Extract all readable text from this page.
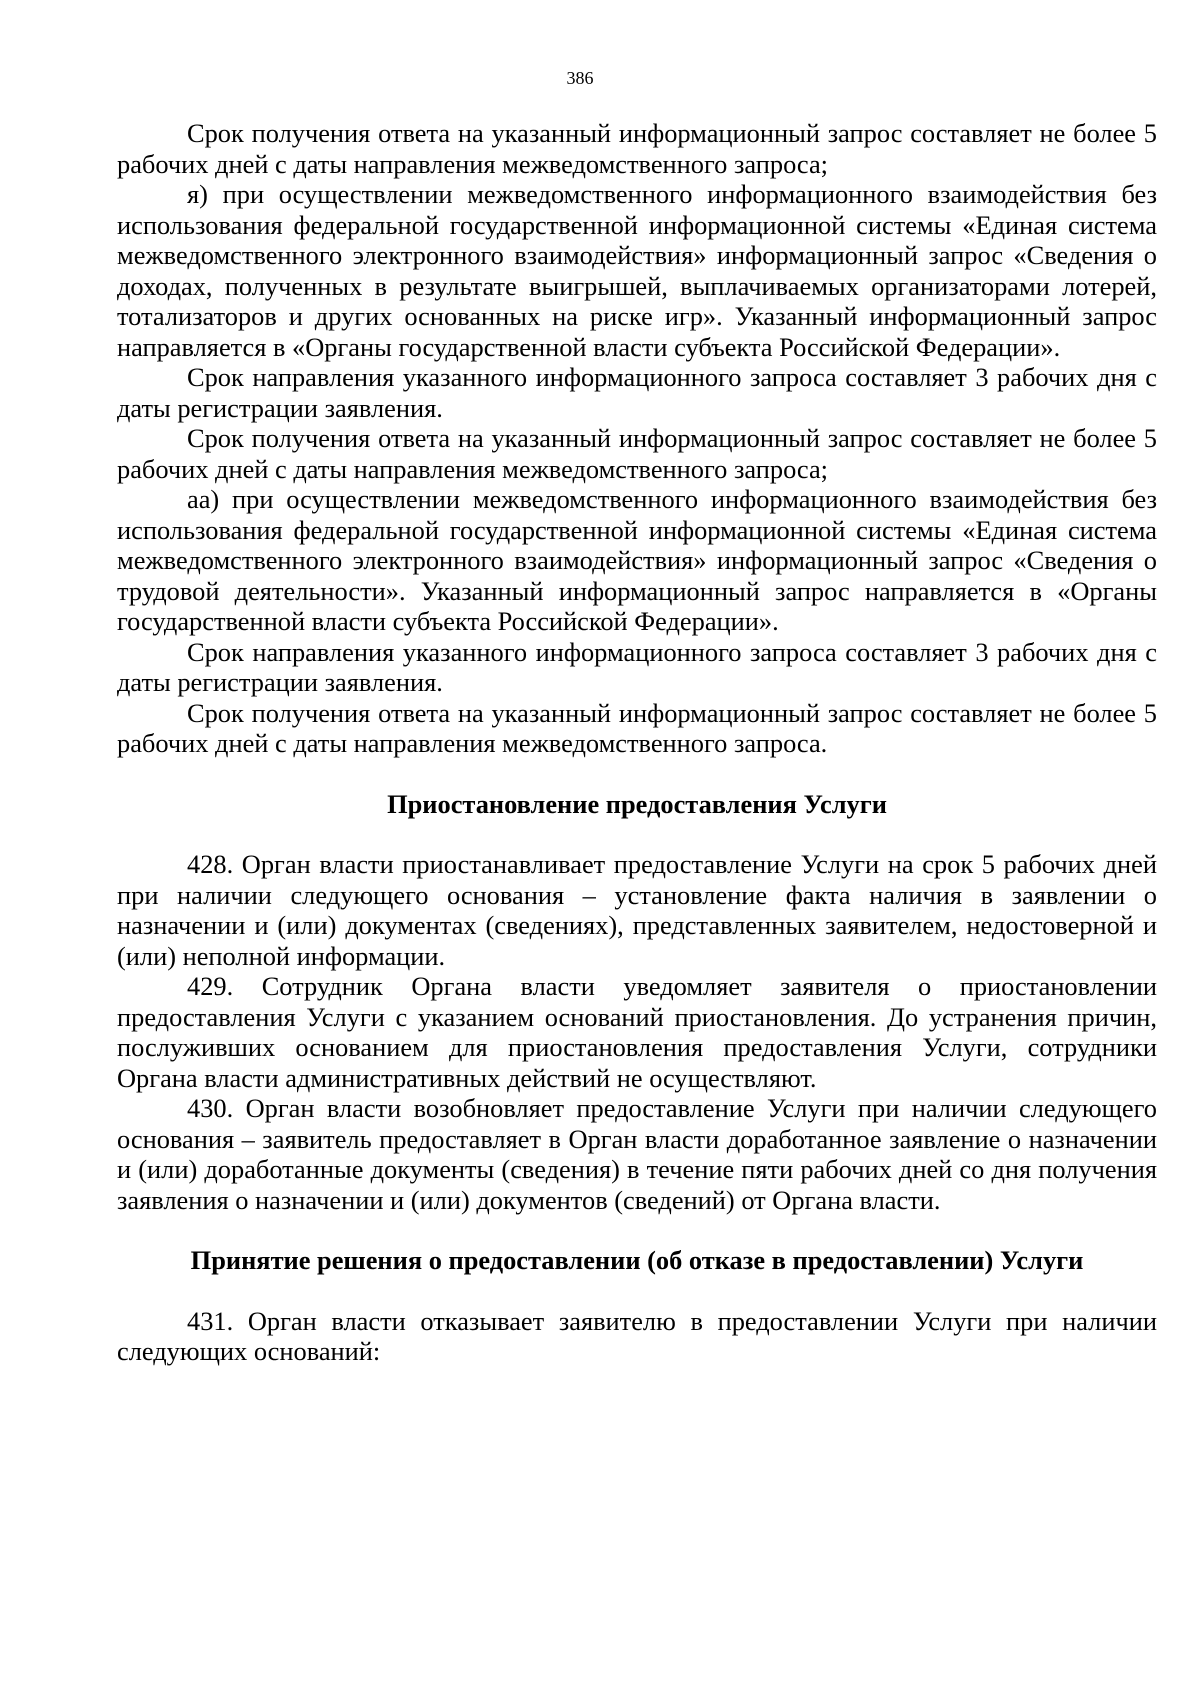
386

Срок получения ответа на указанный информационный запрос составляет не более 5 рабочих дней с даты направления межведомственного запроса;

я) при осуществлении межведомственного информационного взаимодействия без использования федеральной государственной информационной системы «Единая система межведомственного электронного взаимодействия» информационный запрос «Сведения о доходах, полученных в результате выигрышей, выплачиваемых организаторами лотерей, тотализаторов и других основанных на риске игр». Указанный информационный запрос направляется в «Органы государственной власти субъекта Российской Федерации».

Срок направления указанного информационного запроса составляет 3 рабочих дня с даты регистрации заявления.

Срок получения ответа на указанный информационный запрос составляет не более 5 рабочих дней с даты направления межведомственного запроса;

аа) при осуществлении межведомственного информационного взаимодействия без использования федеральной государственной информационной системы «Единая система межведомственного электронного взаимодействия» информационный запрос «Сведения о трудовой деятельности». Указанный информационный запрос направляется в «Органы государственной власти субъекта Российской Федерации».

Срок направления указанного информационного запроса составляет 3 рабочих дня с даты регистрации заявления.

Срок получения ответа на указанный информационный запрос составляет не более 5 рабочих дней с даты направления межведомственного запроса.

Приостановление предоставления Услуги

428. Орган власти приостанавливает предоставление Услуги на срок 5 рабочих дней при наличии следующего основания – установление факта наличия в заявлении о назначении и (или) документах (сведениях), представленных заявителем, недостоверной и (или) неполной информации.

429. Сотрудник Органа власти уведомляет заявителя о приостановлении предоставления Услуги с указанием оснований приостановления. До устранения причин, послуживших основанием для приостановления предоставления Услуги, сотрудники Органа власти административных действий не осуществляют.

430. Орган власти возобновляет предоставление Услуги при наличии следующего основания – заявитель предоставляет в Орган власти доработанное заявление о назначении и (или) доработанные документы (сведения) в течение пяти рабочих дней со дня получения заявления о назначении и (или) документов (сведений) от Органа власти.

Принятие решения о предоставлении (об отказе в предоставлении) Услуги

431. Орган власти отказывает заявителю в предоставлении Услуги при наличии следующих оснований:
